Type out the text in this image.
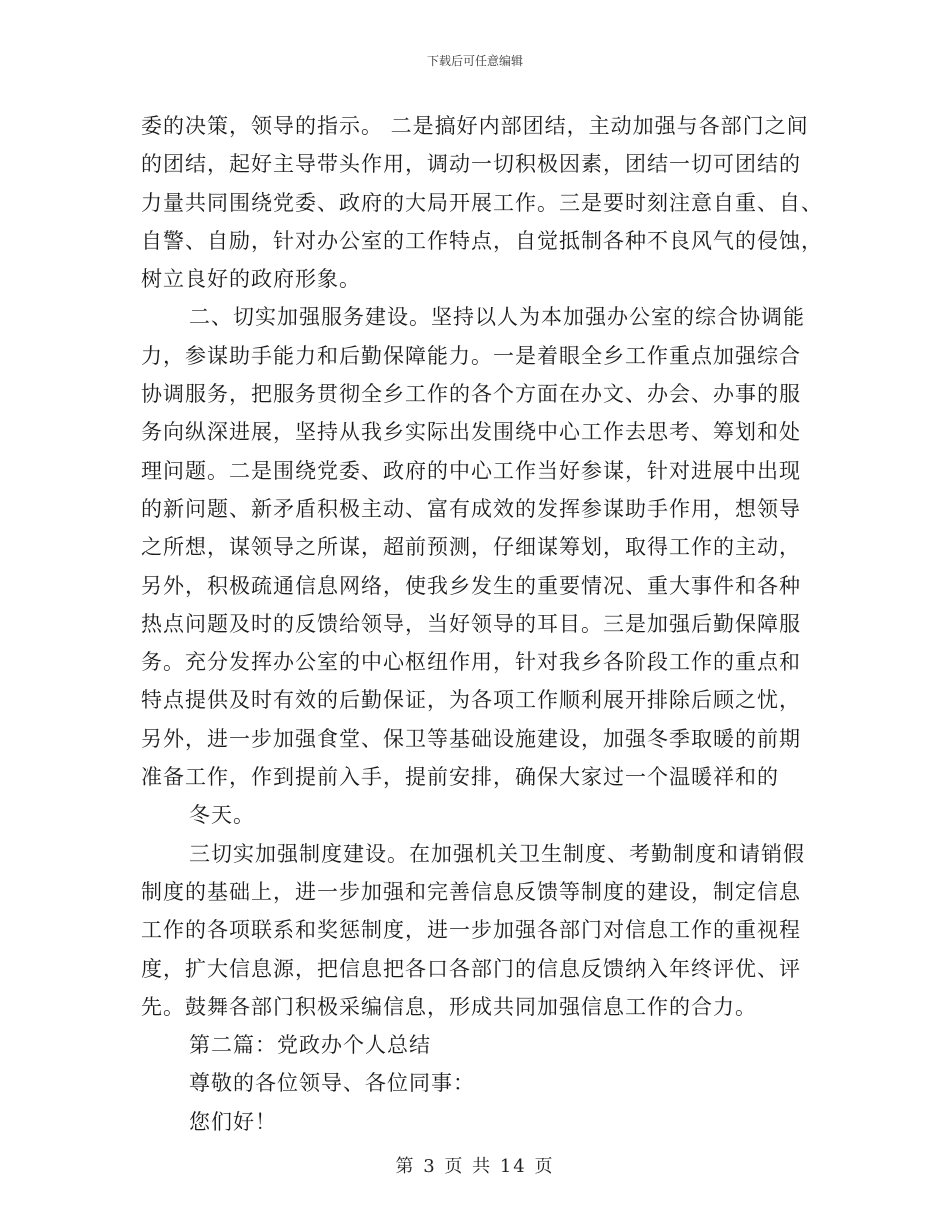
下载后可任意编辑
委的决策，领导的指示。 二是搞好内部团结，主动加强与各部门之间
的团结，起好主导带头作用，调动一切积极因素，团结一切可团结的
力量共同围绕党委、政府的大局开展工作。三是要时刻注意自重、自、
自警、自励，针对办公室的工作特点，自觉抵制各种不良风气的侵蚀，
树立良好的政府形象。
二、切实加强服务建设。坚持以人为本加强办公室的综合协调能
力，参谋助手能力和后勤保障能力。一是着眼全乡工作重点加强综合
协调服务，把服务贯彻全乡工作的各个方面在办文、办会、办事的服
务向纵深进展，坚持从我乡实际出发围绕中心工作去思考、筹划和处
理问题。二是围绕党委、政府的中心工作当好参谋，针对进展中出现
的新问题、新矛盾积极主动、富有成效的发挥参谋助手作用，想领导
之所想，谋领导之所谋，超前预测，仔细谋筹划，取得工作的主动，
另外，积极疏通信息网络，使我乡发生的重要情况、重大事件和各种
热点问题及时的反馈给领导，当好领导的耳目。三是加强后勤保障服
务。充分发挥办公室的中心枢纽作用，针对我乡各阶段工作的重点和
特点提供及时有效的后勤保证，为各项工作顺利展开排除后顾之忧，
另外，进一步加强食堂、保卫等基础设施建设，加强冬季取暖的前期
准备工作，作到提前入手，提前安排，确保大家过一个温暖祥和的
冬天。
三切实加强制度建设。在加强机关卫生制度、考勤制度和请销假
制度的基础上，进一步加强和完善信息反馈等制度的建设，制定信息
工作的各项联系和奖惩制度，进一步加强各部门对信息工作的重视程
度，扩大信息源，把信息把各口各部门的信息反馈纳入年终评优、评
先。鼓舞各部门积极采编信息，形成共同加强信息工作的合力。
第二篇：党政办个人总结
尊敬的各位领导、各位同事：
您们好！
第 3 页 共 14 页
